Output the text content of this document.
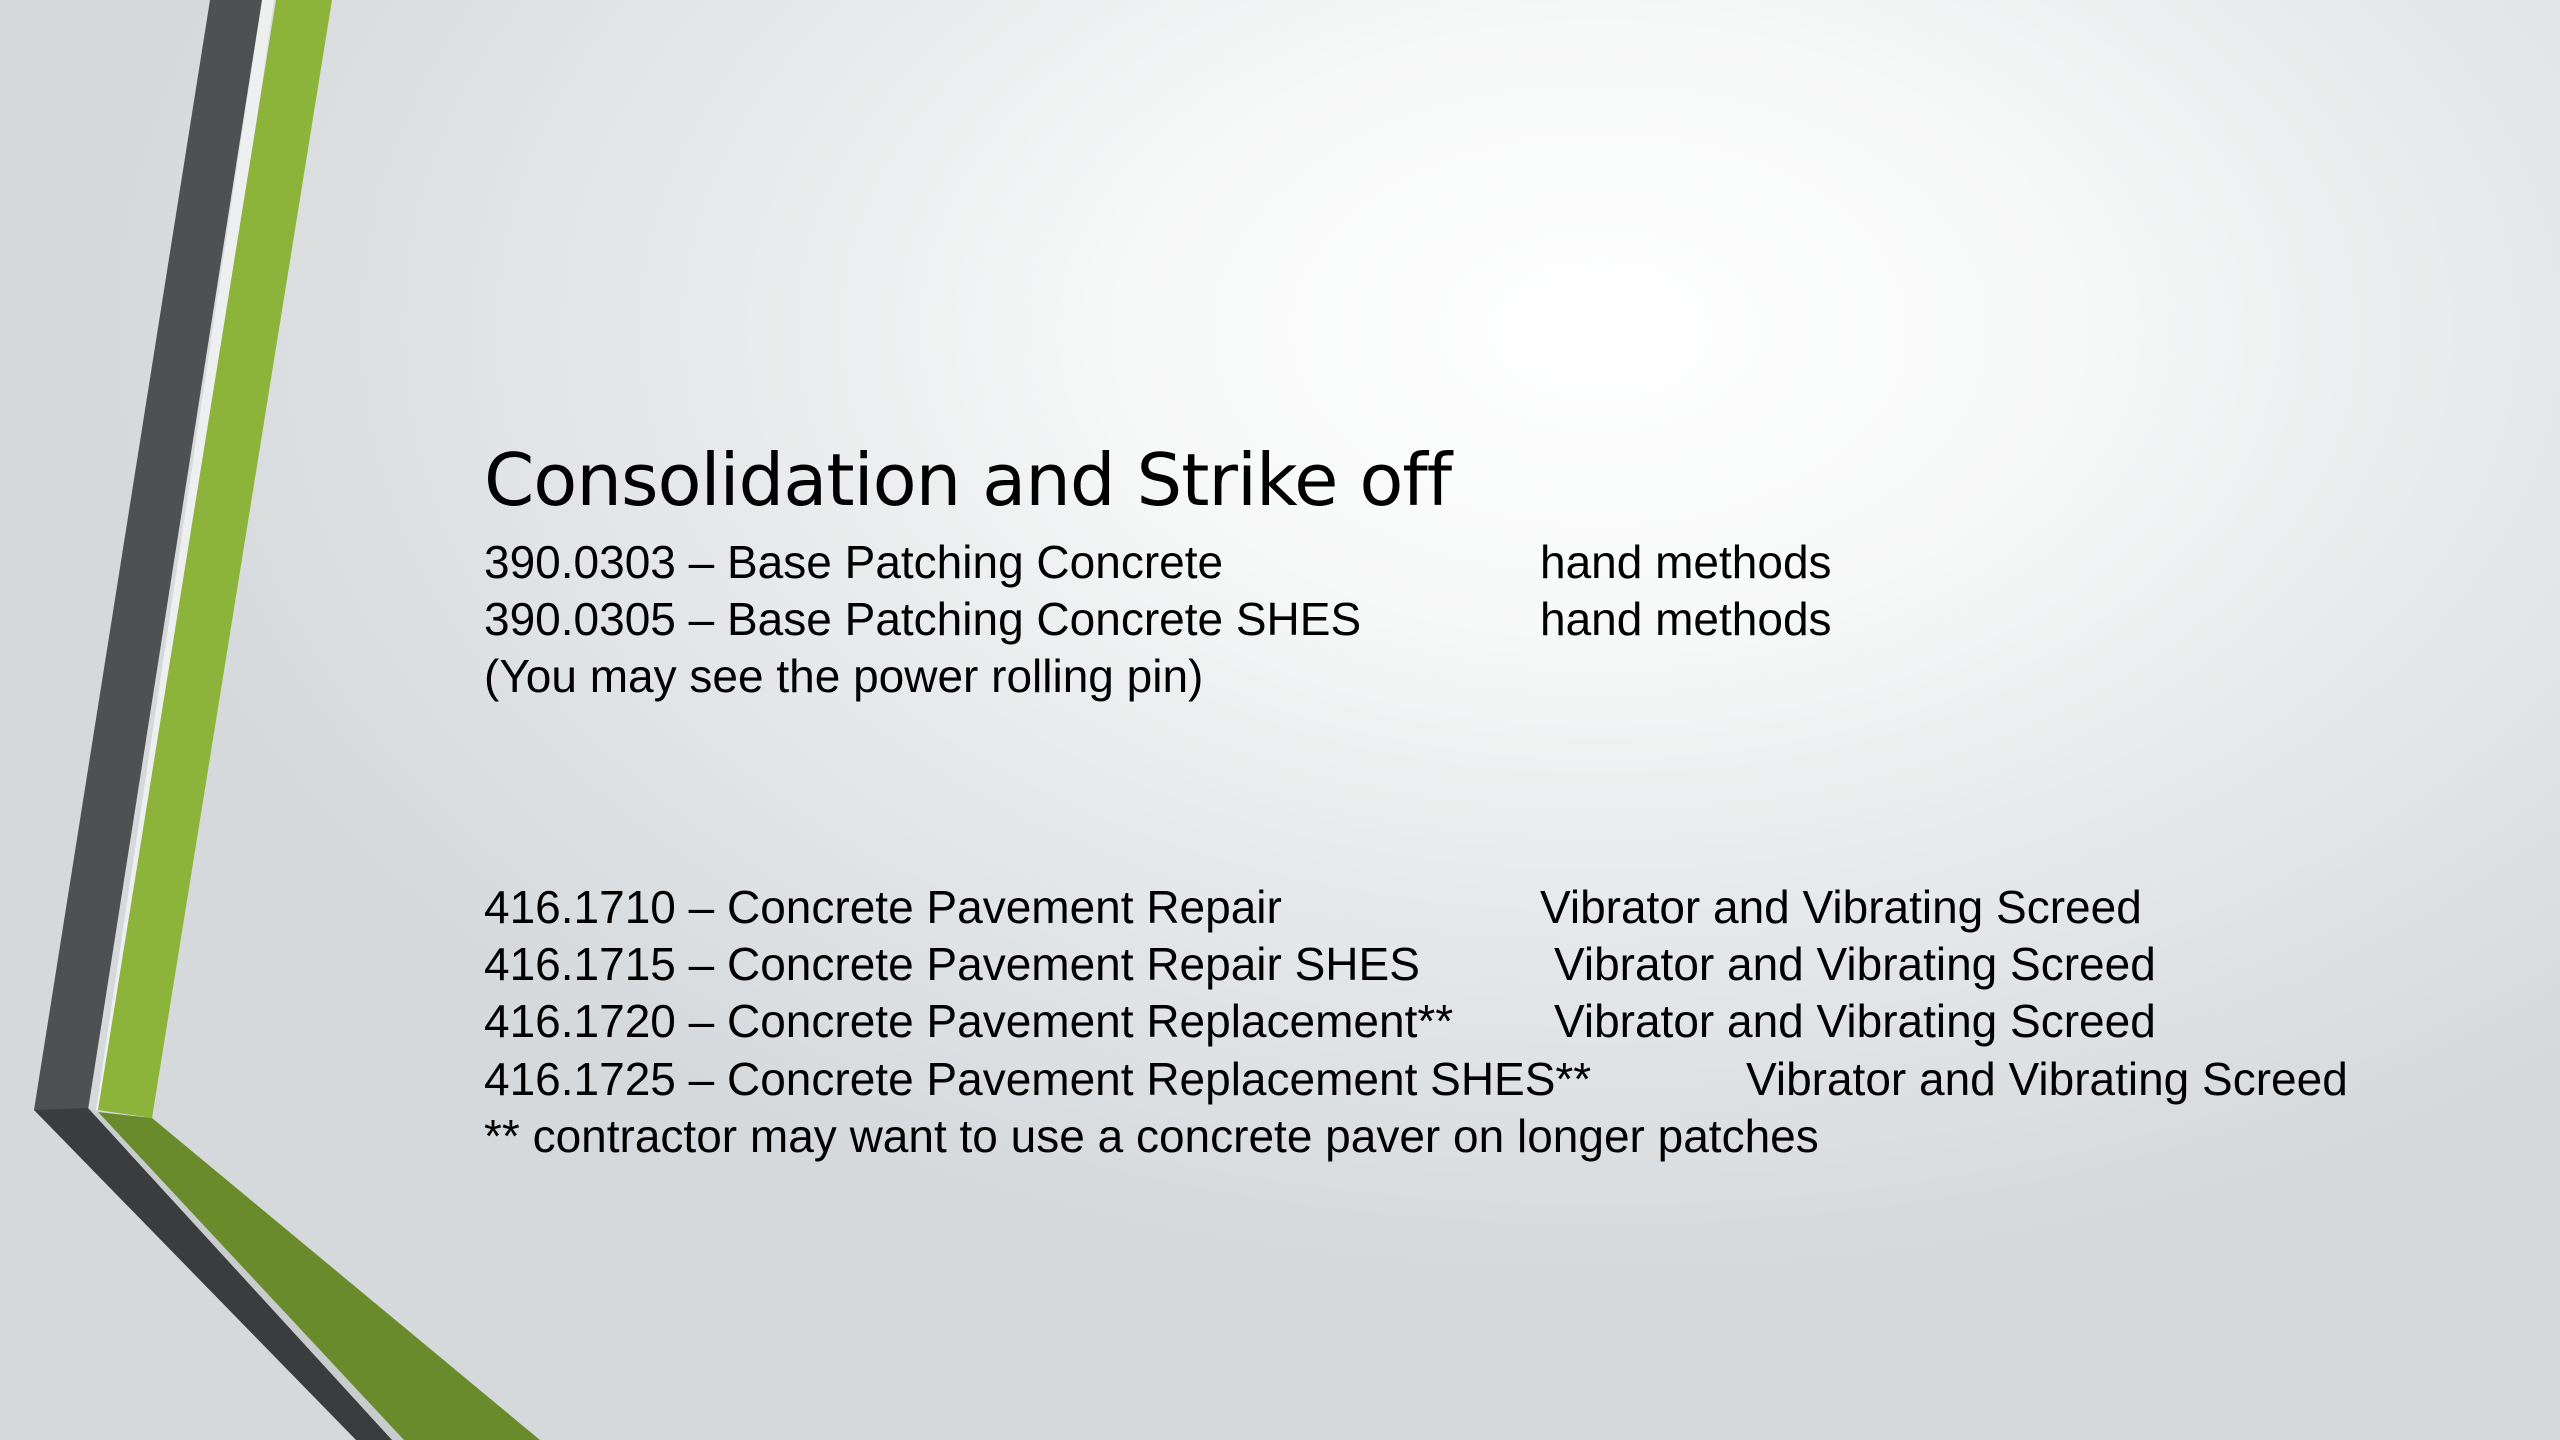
Consolidation and Strike off
390.0303 – Base Patching Concrete	hand methods
390.0305 – Base Patching Concrete SHES	hand methods
(You may see the power rolling pin)
416.1710 – Concrete Pavement Repair	Vibrator and Vibrating Screed
416.1715 – Concrete Pavement Repair SHES	Vibrator and Vibrating Screed
416.1720 – Concrete Pavement Replacement** Vibrator and Vibrating Screed
416.1725 – Concrete Pavement Replacement SHES**	Vibrator and Vibrating Screed
** contractor may want to use a concrete paver on longer patches
